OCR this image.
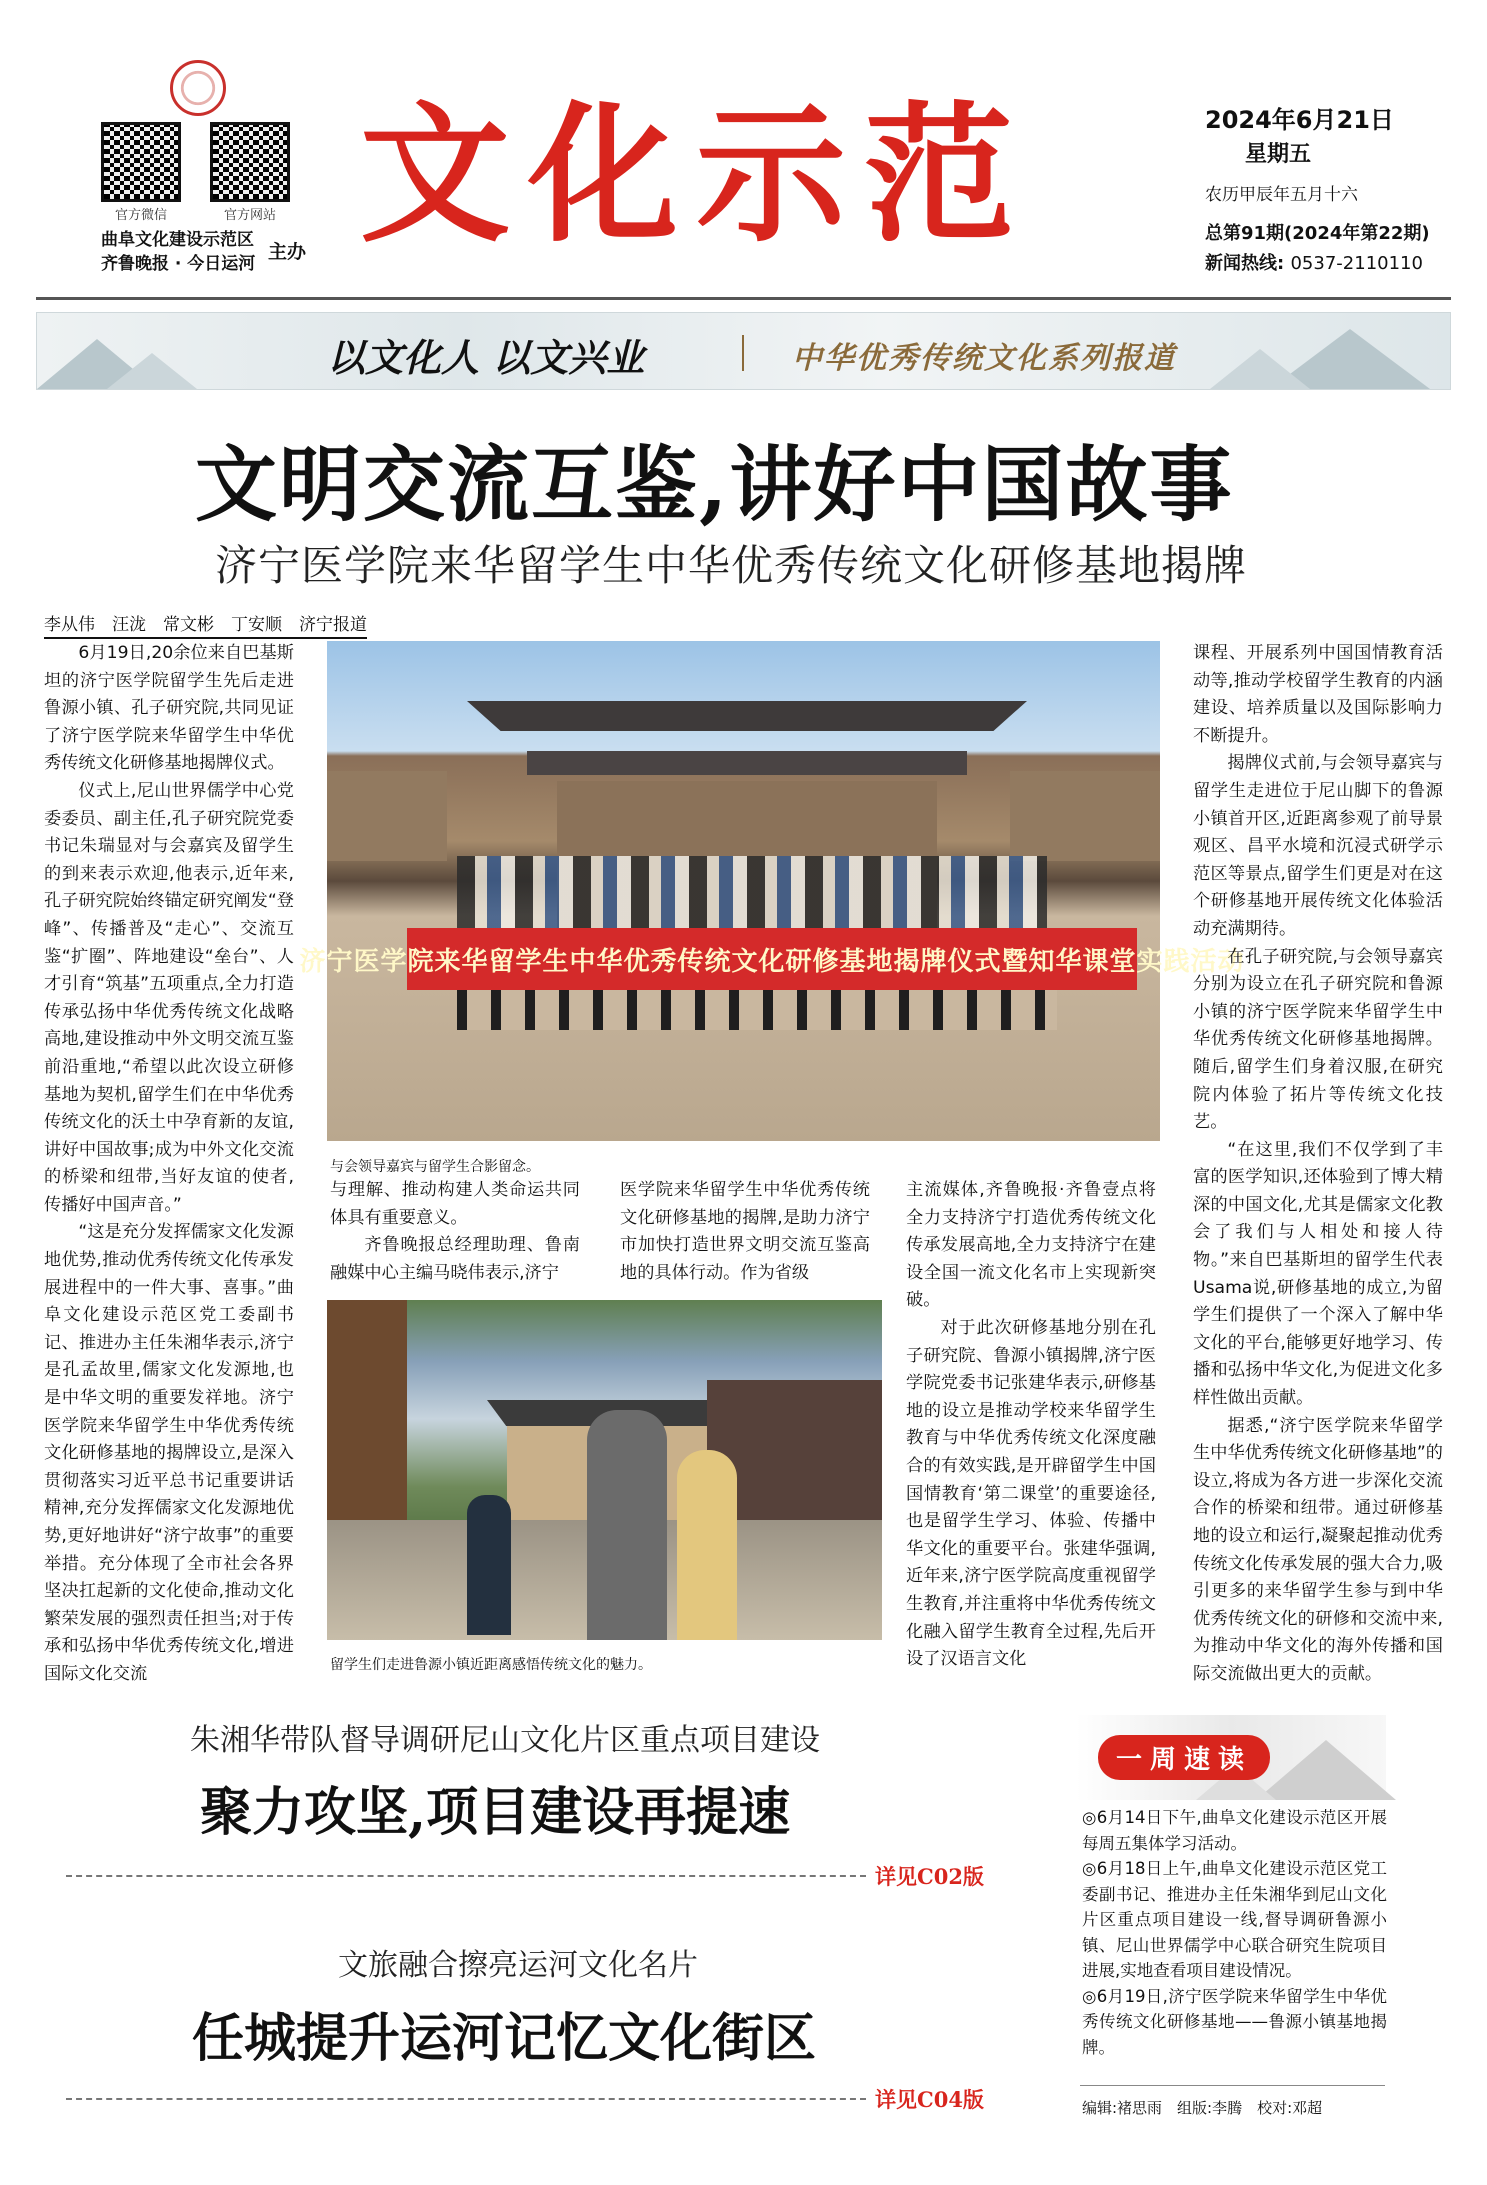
官方微信	官方网站
曲阜文化建设示范区
齐鲁晚报 · 今日运河
主办 文化示范	2024年6月21日
星期五
农历甲辰年五月十六
总第91期(2024年第22期)
新闻热线: 0537-2110110
以文化人 以文兴业	中华优秀传统文化系列报道
文明交流互鉴,讲好中国故事
济宁医学院来华留学生中华优秀传统文化研修基地揭牌
李从伟　汪泷　常文彬　丁安顺　济宁报道

6月19日,20余位来自巴基斯坦的济宁医学院留学生先后走进鲁源小镇、孔子研究院,共同见证了济宁医学院来华留学生中华优秀传统文化研修基地揭牌仪式。

仪式上,尼山世界儒学中心党委委员、副主任,孔子研究院党委书记朱瑞显对与会嘉宾及留学生的到来表示欢迎,他表示,近年来,孔子研究院始终锚定研究阐发“登峰”、传播普及“走心”、交流互鉴“扩圈”、阵地建设“垒台”、人才引育“筑基”五项重点,全力打造传承弘扬中华优秀传统文化战略高地,建设推动中外文明交流互鉴前沿重地,“希望以此次设立研修基地为契机,留学生们在中华优秀传统文化的沃土中孕育新的友谊,讲好中国故事;成为中外文化交流的桥梁和纽带,当好友谊的使者,传播好中国声音。”

“这是充分发挥儒家文化发源地优势,推动优秀传统文化传承发展进程中的一件大事、喜事。”曲阜文化建设示范区党工委副书记、推进办主任朱湘华表示,济宁是孔孟故里,儒家文化发源地,也是中华文明的重要发祥地。济宁医学院来华留学生中华优秀传统文化研修基地的揭牌设立,是深入贯彻落实习近平总书记重要讲话精神,充分发挥儒家文化发源地优势,更好地讲好“济宁故事”的重要举措。充分体现了全市社会各界坚决扛起新的文化使命,推动文化繁荣发展的强烈责任担当;对于传承和弘扬中华优秀传统文化,增进国际文化交流

济宁医学院来华留学生中华优秀传统文化研修基地揭牌仪式暨知华课堂实践活动
与会领导嘉宾与留学生合影留念。

与理解、推动构建人类命运共同体具有重要意义。

齐鲁晚报总经理助理、鲁南融媒中心主编马晓伟表示,济宁

医学院来华留学生中华优秀传统文化研修基地的揭牌,是助力济宁市加快打造世界文明交流互鉴高地的具体行动。作为省级

主流媒体,齐鲁晚报·齐鲁壹点将全力支持济宁打造优秀传统文化传承发展高地,全力支持济宁在建设全国一流文化名市上实现新突破。

对于此次研修基地分别在孔子研究院、鲁源小镇揭牌,济宁医学院党委书记张建华表示,研修基地的设立是推动学校来华留学生教育与中华优秀传统文化深度融合的有效实践,是开辟留学生中国国情教育‘第二课堂’的重要途径,也是留学生学习、体验、传播中华文化的重要平台。张建华强调,近年来,济宁医学院高度重视留学生教育,并注重将中华优秀传统文化融入留学生教育全过程,先后开设了汉语言文化

留学生们走进鲁源小镇近距离感悟传统文化的魅力。

课程、开展系列中国国情教育活动等,推动学校留学生教育的内涵建设、培养质量以及国际影响力不断提升。

揭牌仪式前,与会领导嘉宾与留学生走进位于尼山脚下的鲁源小镇首开区,近距离参观了前导景观区、昌平水境和沉浸式研学示范区等景点,留学生们更是对在这个研修基地开展传统文化体验活动充满期待。

在孔子研究院,与会领导嘉宾分别为设立在孔子研究院和鲁源小镇的济宁医学院来华留学生中华优秀传统文化研修基地揭牌。随后,留学生们身着汉服,在研究院内体验了拓片等传统文化技艺。

“在这里,我们不仅学到了丰富的医学知识,还体验到了博大精深的中国文化,尤其是儒家文化教会了我们与人相处和接人待物。”来自巴基斯坦的留学生代表Usama说,研修基地的成立,为留学生们提供了一个深入了解中华文化的平台,能够更好地学习、传播和弘扬中华文化,为促进文化多样性做出贡献。

据悉,“济宁医学院来华留学生中华优秀传统文化研修基地”的设立,将成为各方进一步深化交流合作的桥梁和纽带。通过研修基地的设立和运行,凝聚起推动优秀传统文化传承发展的强大合力,吸引更多的来华留学生参与到中华优秀传统文化的研修和交流中来,为推动中华文化的海外传播和国际交流做出更大的贡献。

朱湘华带队督导调研尼山文化片区重点项目建设
聚力攻坚,项目建设再提速
详见C02版
文旅融合擦亮运河文化名片
任城提升运河记忆文化街区
详见C04版
一周速读

◎6月14日下午,曲阜文化建设示范区开展每周五集体学习活动。

◎6月18日上午,曲阜文化建设示范区党工委副书记、推进办主任朱湘华到尼山文化片区重点项目建设一线,督导调研鲁源小镇、尼山世界儒学中心联合研究生院项目进展,实地查看项目建设情况。

◎6月19日,济宁医学院来华留学生中华优秀传统文化研修基地——鲁源小镇基地揭牌。

编辑:褚思雨　组版:李腾　校对:邓超
